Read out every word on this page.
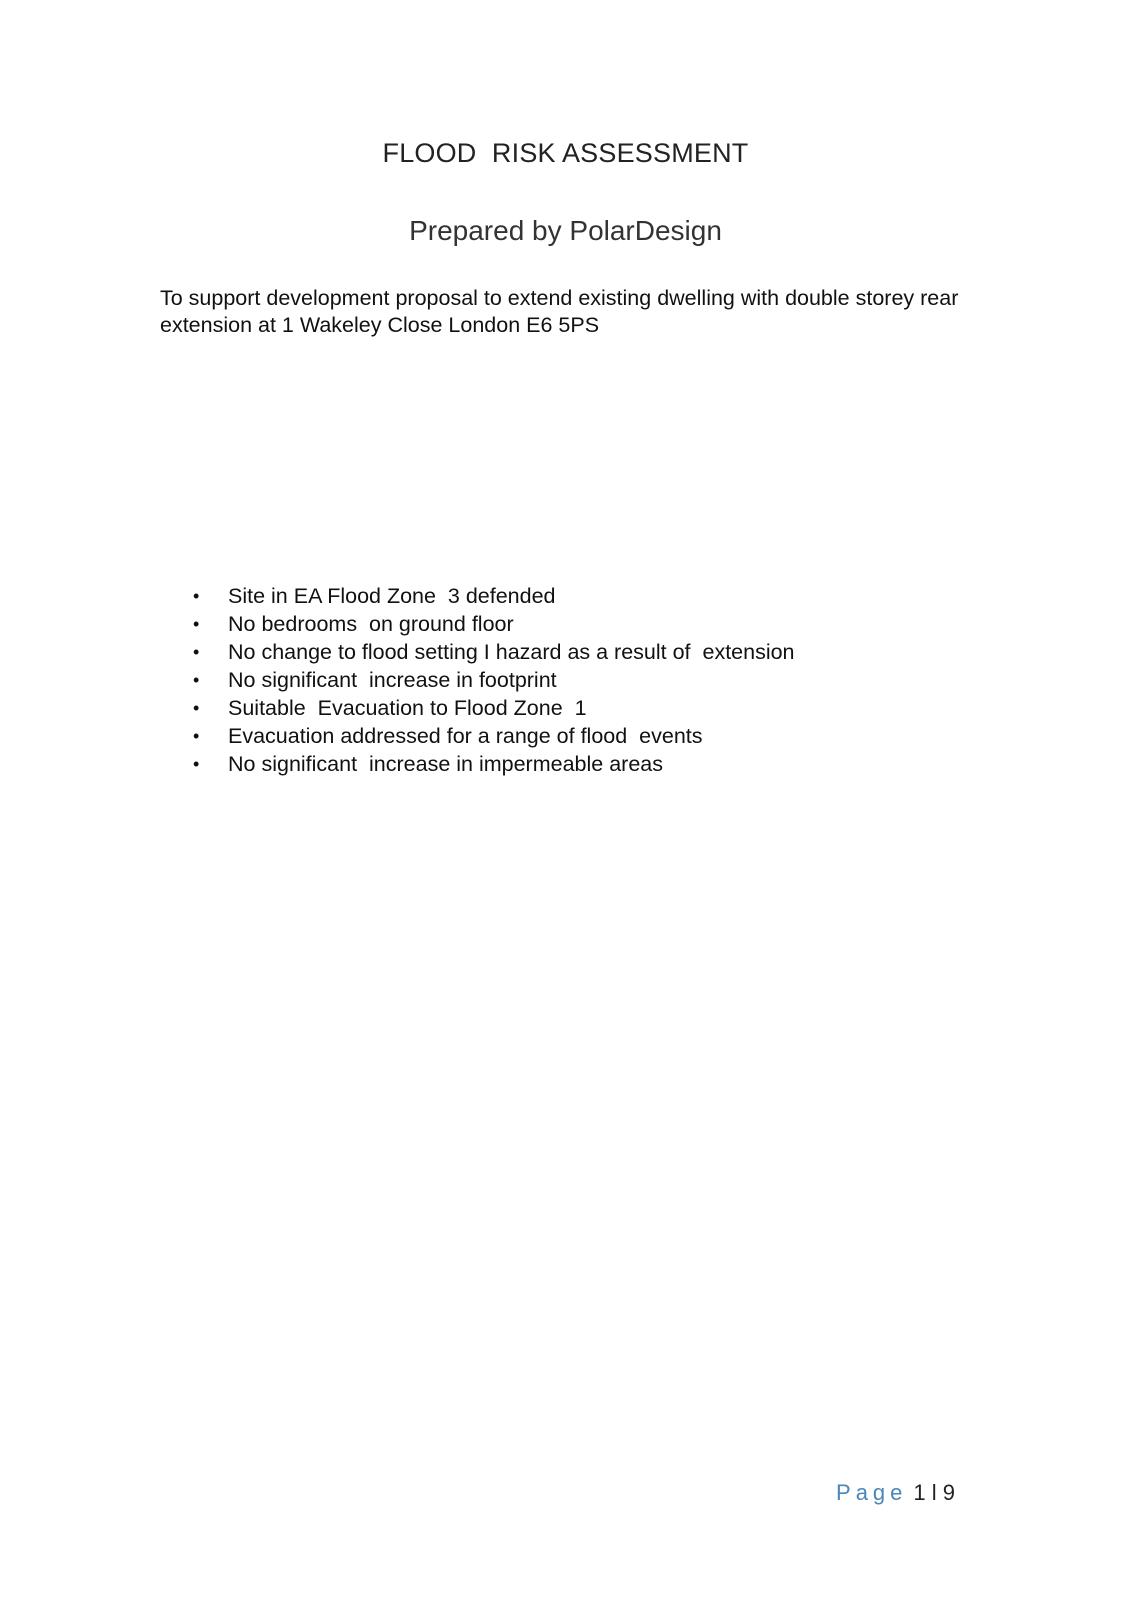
FLOOD  RISK ASSESSMENT
Prepared by PolarDesign
To support development proposal to extend existing dwelling with double storey rear extension at 1 Wakeley Close London E6 5PS
• Site in EA Flood Zone  3 defended
• No bedrooms  on ground floor
• No change to flood setting I hazard as a result of  extension
• No significant  increase in footprint
• Suitable  Evacuation to Flood Zone  1
• Evacuation addressed for a range of flood  events
• No significant  increase in impermeable areas
Page 1 l 9
